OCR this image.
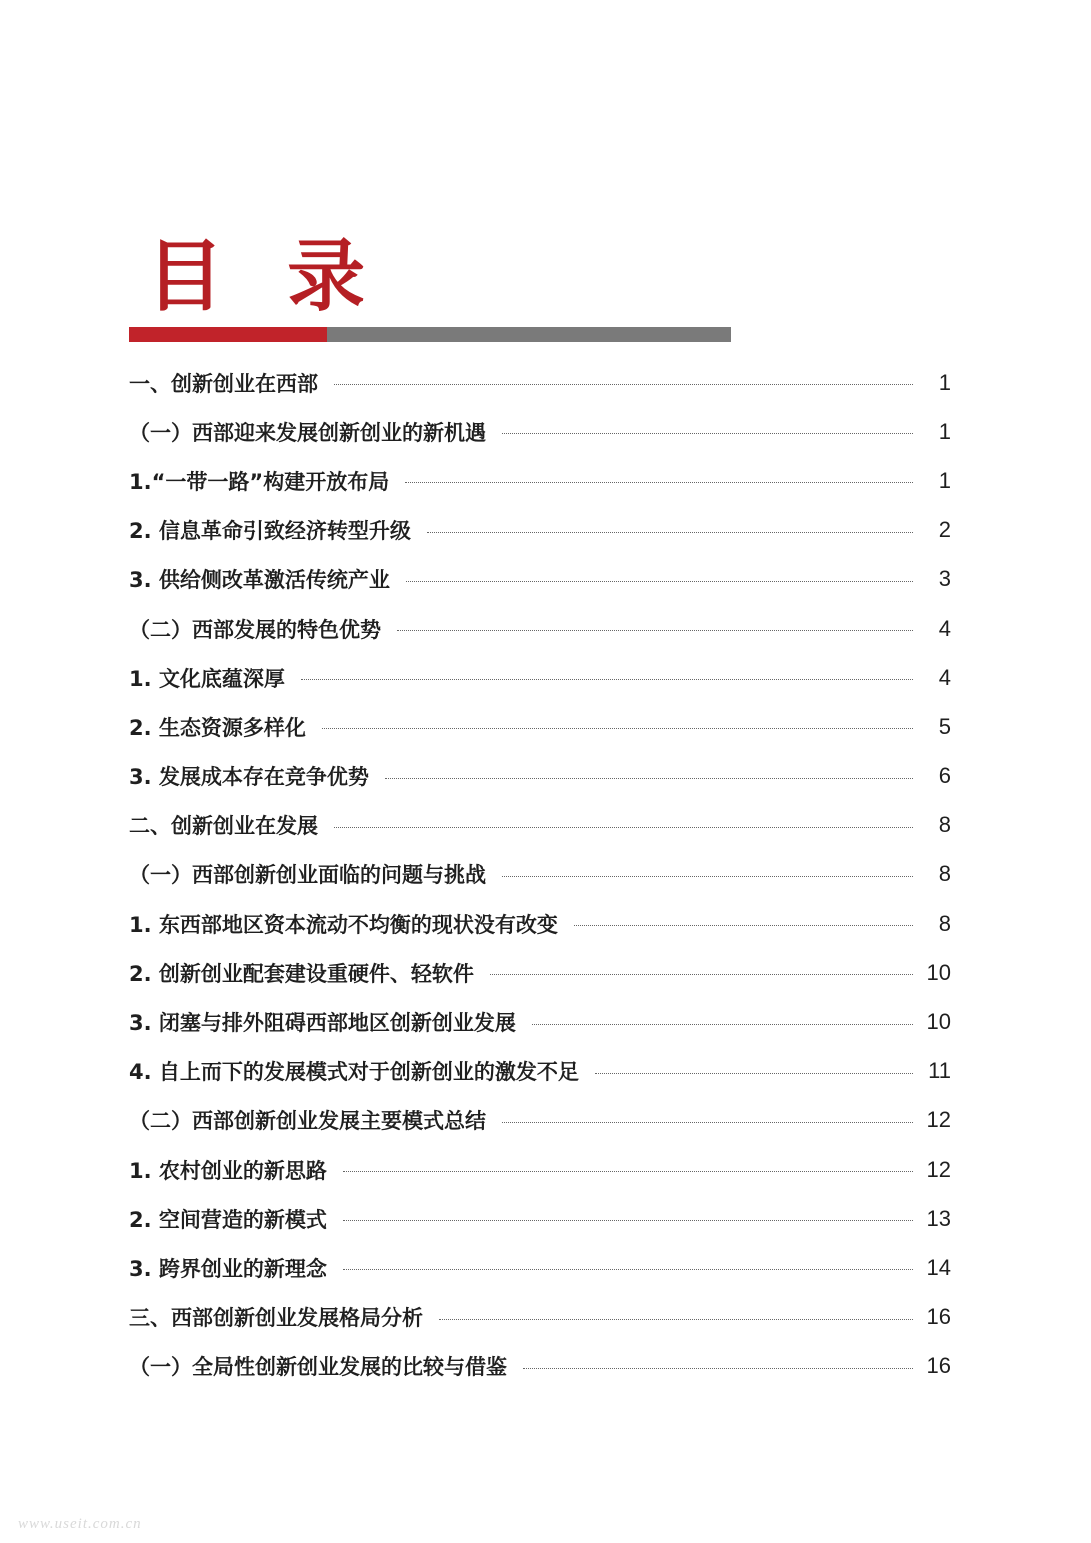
目 录
一、创新创业在西部	1
（一）西部迎来发展创新创业的新机遇	1
1.“一带一路”构建开放布局	1
2. 信息革命引致经济转型升级	2
3. 供给侧改革激活传统产业	3
（二）西部发展的特色优势	4
1. 文化底蕴深厚	4
2. 生态资源多样化	5
3. 发展成本存在竞争优势	6
二、创新创业在发展	8
（一）西部创新创业面临的问题与挑战	8
1. 东西部地区资本流动不均衡的现状没有改变	8
2. 创新创业配套建设重硬件、轻软件	10
3. 闭塞与排外阻碍西部地区创新创业发展	10
4. 自上而下的发展模式对于创新创业的激发不足	11
（二）西部创新创业发展主要模式总结	12
1. 农村创业的新思路	12
2. 空间营造的新模式	13
3. 跨界创业的新理念	14
三、西部创新创业发展格局分析	16
（一）全局性创新创业发展的比较与借鉴	16
www.useit.com.cn
